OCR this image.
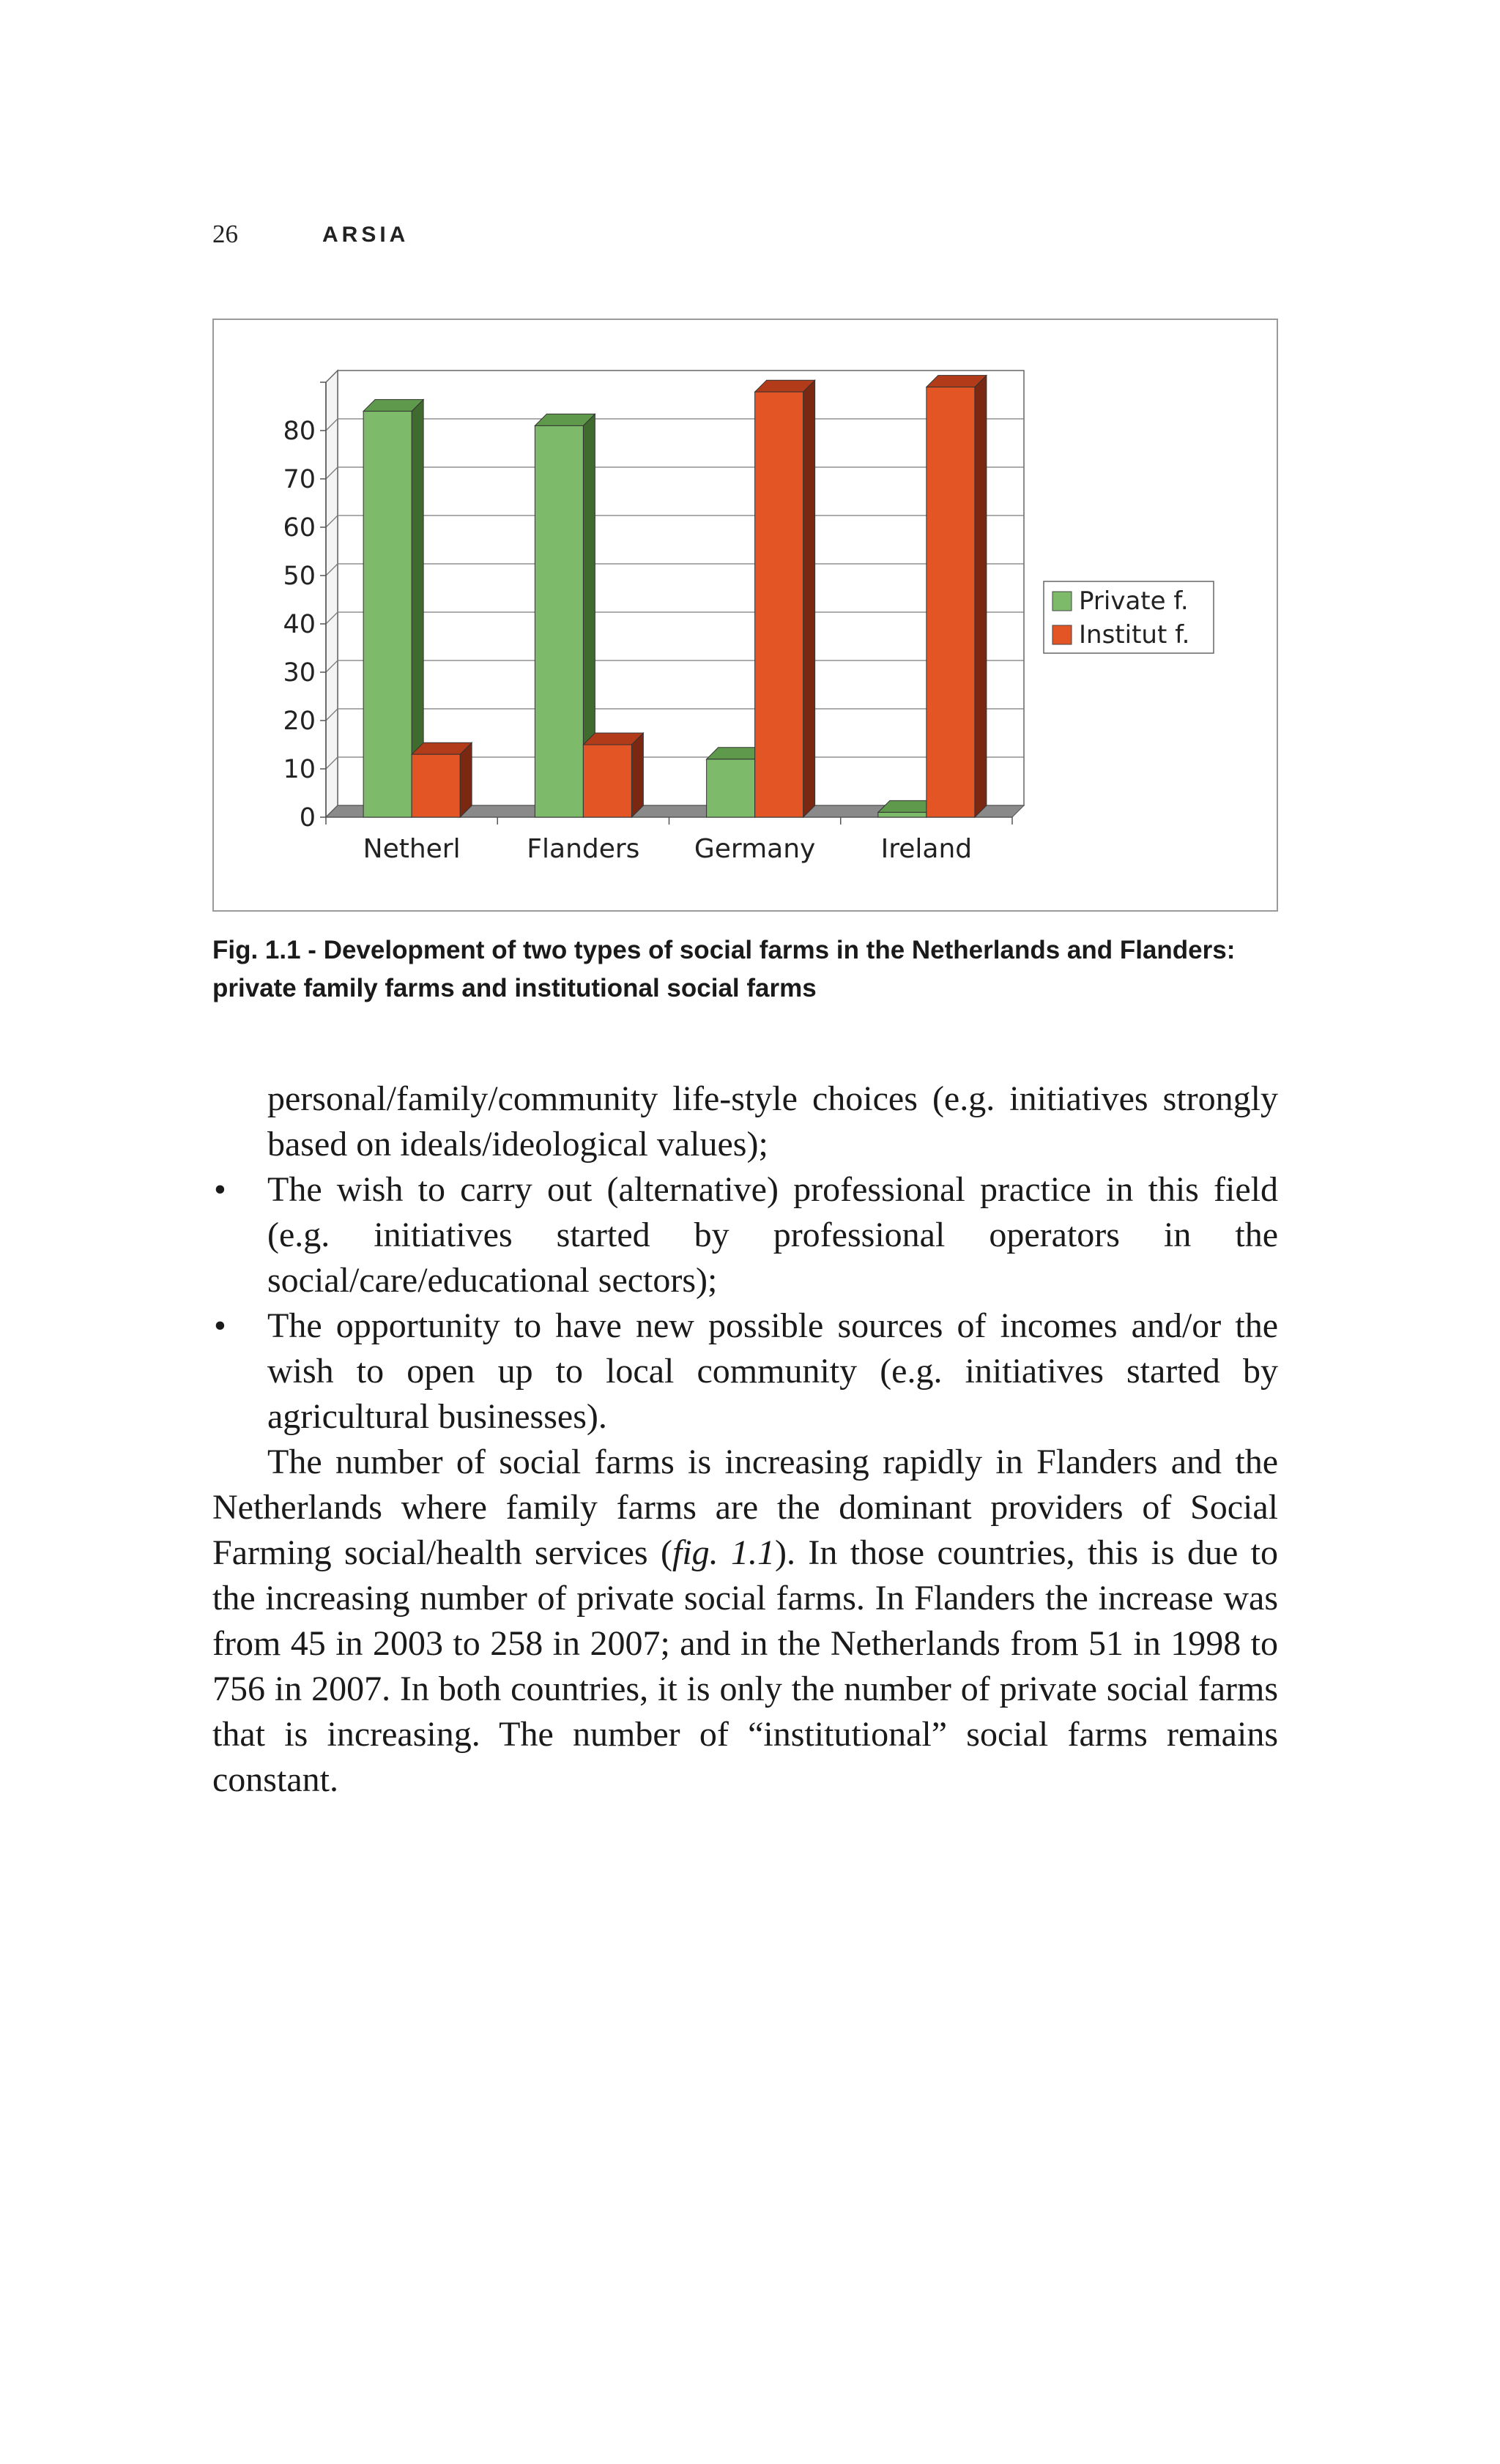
26	ARSIA
0
10
20
30
40
50
60
70
80
Netherl	Flanders Germany Ireland
Private f.
Institut f.
Fig. 1.1 - Development of two types of social farms in the Netherlands and Flanders: private family farms and institutional social farms

personal/family/community life-style choices (e.g. initiatives strongly based on ideals/ideological values);

• The wish to carry out (alternative) professional practice in this field (e.g. initiatives started by professional operators in the social/care/educational sectors);

• The opportunity to have new possible sources of incomes and/or the wish to open up to local community (e.g. initiatives started by agricultural businesses).

The number of social farms is increasing rapidly in Flanders and the Netherlands where family farms are the dominant providers of Social Farming social/health services (fig. 1.1). In those countries, this is due to the increasing number of private social farms. In Flanders the increase was from 45 in 2003 to 258 in 2007; and in the Netherlands from 51 in 1998 to 756 in 2007. In both countries, it is only the number of private social farms that is increasing. The number of “institutional” social farms remains constant.
